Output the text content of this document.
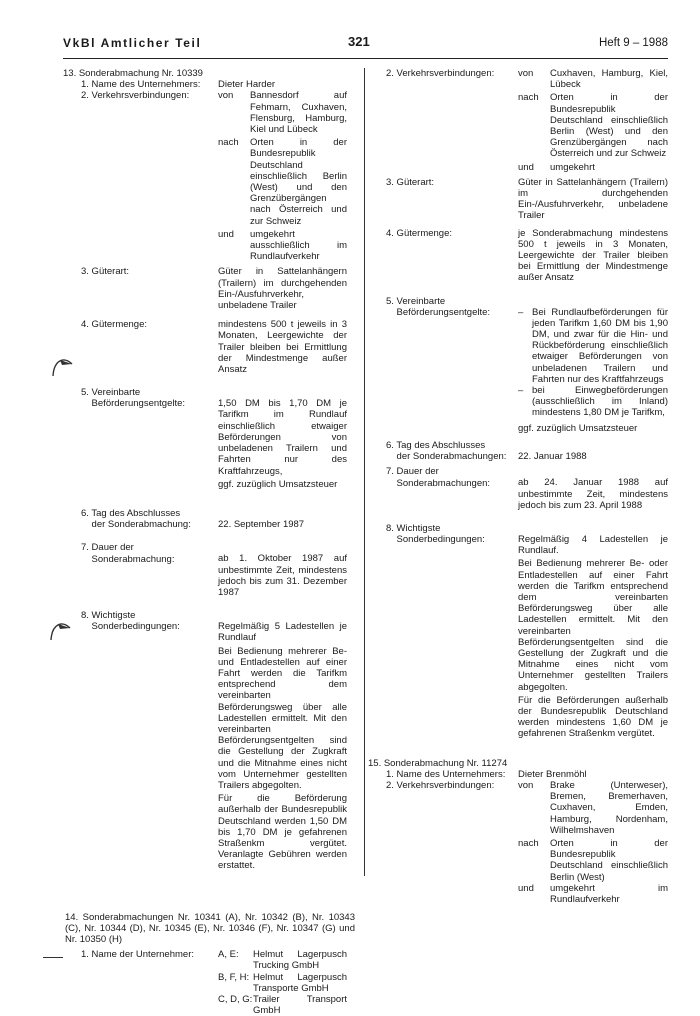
VkBl Amtlicher Teil	321	Heft 9 – 1988
13. Sonderabmachung Nr. 10339
1. Name des Unternehmers:	Dieter Harder
2. Verkehrsverbindungen:	von	Bannesdorf auf Fehmarn, Cuxhaven, Flensburg, Hamburg, Kiel und Lübeck
nach	Orten in der Bundesrepublik Deutschland einschließlich Berlin (West) und den Grenzübergängen nach Österreich und zur Schweiz
und	umgekehrt ausschließlich im Rundlaufverkehr
3. Güterart:	Güter in Sattelanhängern (Trailern) im durchgehenden Ein-/Ausfuhrverkehr, unbeladene Trailer
4. Gütermenge:	mindestens 500 t jeweils in 3 Monaten, Leergewichte der Trailer bleiben bei Ermittlung der Mindestmenge außer Ansatz
5. Vereinbarte
Beförderungsentgelte:	1,50 DM bis 1,70 DM je Tarifkm im Rundlauf einschließlich etwaiger Beförderungen von unbeladenen Trailern und Fahrten nur des Kraftfahrzeugs,

ggf. zuzüglich Umsatzsteuer

6. Tag des Abschlusses
der Sonderabmachung:	22. September 1987
7. Dauer der
Sonderabmachung:	ab 1. Oktober 1987 auf unbestimmte Zeit, mindestens jedoch bis zum 31. Dezember 1987
8. Wichtigste
Sonderbedingungen:	Regelmäßig 5 Ladestellen je Rundlauf

Bei Bedienung mehrerer Be- und Entladestellen auf einer Fahrt werden die Tarifkm entsprechend dem vereinbarten Beförderungsweg über alle Ladestellen ermittelt. Mit den vereinbarten Beförderungsentgelten sind die Gestellung der Zugkraft und die Mitnahme eines nicht vom Unternehmer gestellten Trailers abgegolten.

Für die Beförderung außerhalb der Bundesrepublik Deutschland werden 1,50 DM bis 1,70 DM je gefahrenen Straßenkm vergütet. Veranlagte Gebühren werden erstattet.

14. Sonderabmachungen Nr. 10341 (A), Nr. 10342 (B), Nr. 10343 (C), Nr. 10344 (D), Nr. 10345 (E), Nr. 10346 (F), Nr. 10347 (G) und Nr. 10350 (H)
1. Name der Unternehmer:	A, E:	Helmut Lagerpusch Trucking GmbH
B, F, H: Helmut Lagerpusch Transporte GmbH
C, D, G: Trailer Transport GmbH
2. Verkehrsverbindungen:	von	Cuxhaven, Hamburg, Kiel, Lübeck
nach	Orten in der Bundesrepublik Deutschland einschließlich Berlin (West) und den Grenzübergängen nach Österreich und zur Schweiz
und	umgekehrt
3. Güterart:	Güter in Sattelanhängern (Trailern) im durchgehenden Ein-/Ausfuhrverkehr, unbeladene Trailer
4. Gütermenge:	je Sonderabmachung mindestens 500 t jeweils in 3 Monaten, Leergewichte der Trailer bleiben bei Ermittlung der Mindestmenge außer Ansatz
5. Vereinbarte
Beförderungsentgelte:	– Bei Rundlaufbeförderungen für jeden Tarifkm 1,60 DM bis 1,90 DM, und zwar für die Hin- und Rückbeförderung einschließlich etwaiger Beförderungen von unbeladenen Trailern und Fahrten nur des Kraftfahrzeugs
– bei Einwegbeförderungen (ausschließlich im Inland) mindestens 1,80 DM je Tarifkm,
ggf. zuzüglich Umsatzsteuer
6. Tag des Abschlusses
der Sonderabmachungen:	22. Januar 1988
7. Dauer der
Sonderabmachungen:	ab 24. Januar 1988 auf unbestimmte Zeit, mindestens jedoch bis zum 23. April 1988
8. Wichtigste
Sonderbedingungen:	Regelmäßig 4 Ladestellen je Rundlauf.

Bei Bedienung mehrerer Be- oder Entladestellen auf einer Fahrt werden die Tarifkm entsprechend dem vereinbarten Beförderungsweg über alle Ladestellen ermittelt. Mit den vereinbarten Beförderungsentgelten sind die Gestellung der Zugkraft und die Mitnahme eines nicht vom Unternehmer gestellten Trailers abgegolten.

Für die Beförderungen außerhalb der Bundesrepublik Deutschland werden mindestens 1,60 DM je gefahrenen Straßenkm vergütet.

15. Sonderabmachung Nr. 11274
1. Name des Unternehmers:	Dieter Brenmöhl
2. Verkehrsverbindungen:	von	Brake (Unterweser), Bremen, Bremerhaven, Cuxhaven, Emden, Hamburg, Nordenham, Wilhelmshaven
nach	Orten in der Bundesrepublik Deutschland einschließlich Berlin (West)
und	umgekehrt im Rundlaufverkehr
